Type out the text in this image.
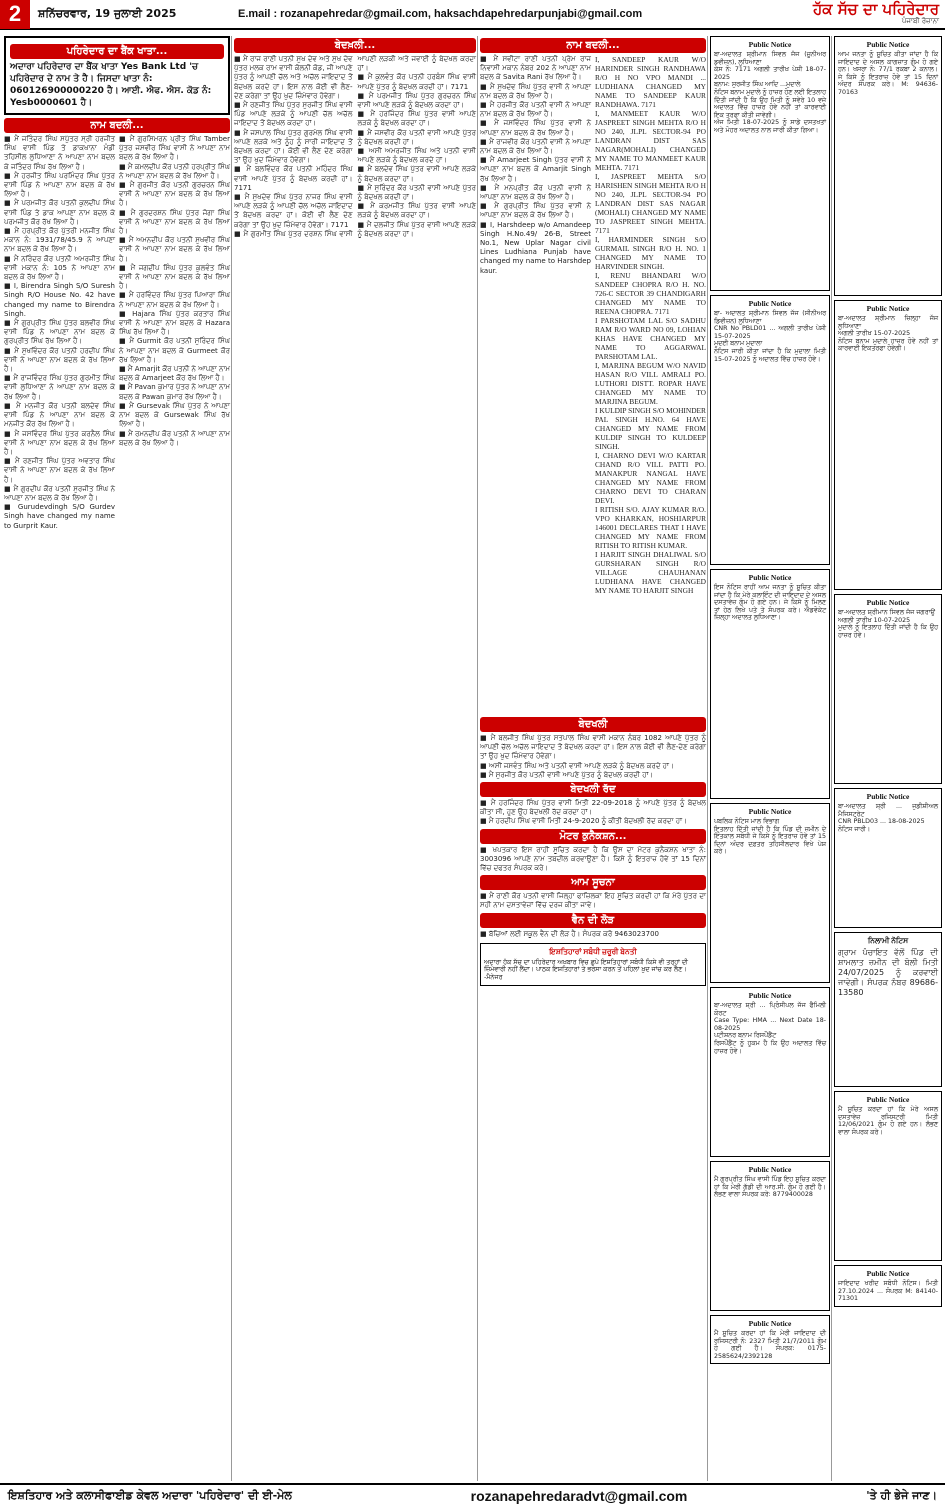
2	ਸ਼ਨਿੱਚਰਵਾਰ, 19 ਜੁਲਾਈ 2025	E.mail : rozanapehredar@gmail.com, haksachdapehredarpunjabi@gmail.com	ਹੱਕ ਸੱਚ ਦਾ ਪਹਿਰੇਦਾਰ
ਪੰਜਾਬੀ ਰੋਜ਼ਾਨਾ
ਪਹਿਰੇਦਾਰ ਦਾ ਬੈਂਕ ਖਾਤਾ...
ਅਦਾਰਾ ਪਹਿਰੇਦਾਰ ਦਾ ਬੈਂਕ ਖਾਤਾ Yes Bank Ltd 'ਚ ਪਹਿਰੇਦਾਰ ਦੇ ਨਾਮ ਤੇ ਹੈ। ਜਿਸਦਾ ਖਾਤਾ ਨੰ: 060126900000220 ਹੈ। ਆਈ. ਐਫ. ਐਸ. ਕੋਡ ਨੰ: Yesb0000601 ਹੈ।
ਨਾਮ ਬਦਲੀ...
■ ਮੈਂ ਜਤਿੰਦਰ ਸਿੰਘ ਸਪੁੱਤਰ ਸ੍ਰੀ ਹਰਜੀਤ ਸਿੰਘ ਵਾਸੀ ਪਿੰਡ ਤੇ ਡਾਕਖਾਨਾ ਮੰਡੀ ਤਹਿਸੀਲ ਲੁਧਿਆਣਾ ਨੇ ਆਪਣਾ ਨਾਮ ਬਦਲ ਕੇ ਜਤਿੰਦਰ ਸਿੰਘ ਰੱਖ ਲਿਆ ਹੈ।
■ ਮੈਂ ਹਰਜੀਤ ਸਿੰਘ ਪਰਮਿੰਦਰ ਸਿੰਘ ਪੁੱਤਰ ਵਾਸੀ ਪਿੰਡ ਨੇ ਆਪਣਾ ਨਾਮ ਬਦਲ ਕੇ ਰੱਖ ਲਿਆ ਹੈ।
■ ਮੈਂ ਪਰਮਜੀਤ ਕੌਰ ਪਤਨੀ ਕੁਲਦੀਪ ਸਿੰਘ ਵਾਸੀ ਪਿੰਡ ਤੇ ਡਾਕ ਆਪਣਾ ਨਾਮ ਬਦਲ ਕੇ ਪਰਮਜੀਤ ਕੌਰ ਰੱਖ ਲਿਆ ਹੈ।
■ ਮੈਂ ਹਰਪ੍ਰੀਤ ਕੌਰ ਪੁੱਤਰੀ ਮਨਜੀਤ ਸਿੰਘ ਮਕਾਨ ਨੰ: 1931/78/45.9 ਨੇ ਆਪਣਾ ਨਾਮ ਬਦਲ ਕੇ ਰੱਖ ਲਿਆ ਹੈ।
■ ਮੈਂ ਨਰਿੰਦਰ ਕੌਰ ਪਤਨੀ ਅਮਰਜੀਤ ਸਿੰਘ ਵਾਸੀ ਮਕਾਨ ਨੰ: 105 ਨੇ ਆਪਣਾ ਨਾਮ ਬਦਲ ਕੇ ਰੱਖ ਲਿਆ ਹੈ।
■ I, Birendra Singh S/O Suresh Singh R/O House No. 42 have changed my name to Birendra Singh.
■ ਮੈਂ ਗੁਰਪ੍ਰੀਤ ਸਿੰਘ ਪੁੱਤਰ ਬਲਵੀਰ ਸਿੰਘ ਵਾਸੀ ਪਿੰਡ ਨੇ ਆਪਣਾ ਨਾਮ ਬਦਲ ਕੇ ਗੁਰਪ੍ਰੀਤ ਸਿੰਘ ਰੱਖ ਲਿਆ ਹੈ।
■ ਮੈਂ ਸੁਖਵਿੰਦਰ ਕੌਰ ਪਤਨੀ ਹਰਦੀਪ ਸਿੰਘ ਵਾਸੀ ਨੇ ਆਪਣਾ ਨਾਮ ਬਦਲ ਕੇ ਰੱਖ ਲਿਆ ਹੈ।
■ ਮੈਂ ਰਾਜਵਿੰਦਰ ਸਿੰਘ ਪੁੱਤਰ ਗੁਰਮੀਤ ਸਿੰਘ ਵਾਸੀ ਲੁਧਿਆਣਾ ਨੇ ਆਪਣਾ ਨਾਮ ਬਦਲ ਕੇ ਰੱਖ ਲਿਆ ਹੈ।
■ ਮੈਂ ਮਨਜੀਤ ਕੌਰ ਪਤਨੀ ਬਲਦੇਵ ਸਿੰਘ ਵਾਸੀ ਪਿੰਡ ਨੇ ਆਪਣਾ ਨਾਮ ਬਦਲ ਕੇ ਮਨਜੀਤ ਕੌਰ ਰੱਖ ਲਿਆ ਹੈ।
■ ਮੈਂ ਜਸਵਿੰਦਰ ਸਿੰਘ ਪੁੱਤਰ ਕਰਨੈਲ ਸਿੰਘ ਵਾਸੀ ਨੇ ਆਪਣਾ ਨਾਮ ਬਦਲ ਕੇ ਰੱਖ ਲਿਆ ਹੈ।
■ ਮੈਂ ਰਣਜੀਤ ਸਿੰਘ ਪੁੱਤਰ ਅਵਤਾਰ ਸਿੰਘ ਵਾਸੀ ਨੇ ਆਪਣਾ ਨਾਮ ਬਦਲ ਕੇ ਰੱਖ ਲਿਆ ਹੈ।
■ ਮੈਂ ਗੁਰਦੀਪ ਕੌਰ ਪਤਨੀ ਸੁਰਜੀਤ ਸਿੰਘ ਨੇ ਆਪਣਾ ਨਾਮ ਬਦਲ ਕੇ ਰੱਖ ਲਿਆ ਹੈ।
■ Gurudevdingh S/O Gurdev Singh have changed my name to Gurprit Kaur.
■ ਮੈਂ ਗੁਰਸਿਮਰਨ ਪ੍ਰੀਤ ਸਿੰਘ Tamber ਪੁੱਤਰ ਜਸਵੀਰ ਸਿੰਘ ਵਾਸੀ ਨੇ ਆਪਣਾ ਨਾਮ ਬਦਲ ਕੇ ਰੱਖ ਲਿਆ ਹੈ।
■ ਮੈਂ ਕਮਲਦੀਪ ਕੌਰ ਪਤਨੀ ਹਰਪ੍ਰੀਤ ਸਿੰਘ ਨੇ ਆਪਣਾ ਨਾਮ ਬਦਲ ਕੇ ਰੱਖ ਲਿਆ ਹੈ।
■ ਮੈਂ ਗੁਰਜੀਤ ਕੌਰ ਪਤਨੀ ਗੁਰਚਰਨ ਸਿੰਘ ਵਾਸੀ ਨੇ ਆਪਣਾ ਨਾਮ ਬਦਲ ਕੇ ਰੱਖ ਲਿਆ ਹੈ।
■ ਮੈਂ ਗੁਰਦਰਸ਼ਨ ਸਿੰਘ ਪੁੱਤਰ ਜੋਗਾ ਸਿੰਘ ਵਾਸੀ ਨੇ ਆਪਣਾ ਨਾਮ ਬਦਲ ਕੇ ਰੱਖ ਲਿਆ ਹੈ।
■ ਮੈਂ ਅਮਨਦੀਪ ਕੌਰ ਪਤਨੀ ਸੁਖਵੀਰ ਸਿੰਘ ਵਾਸੀ ਨੇ ਆਪਣਾ ਨਾਮ ਬਦਲ ਕੇ ਰੱਖ ਲਿਆ ਹੈ।
■ ਮੈਂ ਜਗਦੀਪ ਸਿੰਘ ਪੁੱਤਰ ਕੁਲਵੰਤ ਸਿੰਘ ਵਾਸੀ ਨੇ ਆਪਣਾ ਨਾਮ ਬਦਲ ਕੇ ਰੱਖ ਲਿਆ ਹੈ।
■ ਮੈਂ ਹਰਵਿੰਦਰ ਸਿੰਘ ਪੁੱਤਰ ਪਿਆਰਾ ਸਿੰਘ ਨੇ ਆਪਣਾ ਨਾਮ ਬਦਲ ਕੇ ਰੱਖ ਲਿਆ ਹੈ।
■ Hajara ਸਿੰਘ ਪੁੱਤਰ ਕਰਤਾਰ ਸਿੰਘ ਵਾਸੀ ਨੇ ਆਪਣਾ ਨਾਮ ਬਦਲ ਕੇ Hazara ਸਿੰਘ ਰੱਖ ਲਿਆ ਹੈ।
■ ਮੈਂ Gurmit ਕੌਰ ਪਤਨੀ ਸੁਰਿੰਦਰ ਸਿੰਘ ਨੇ ਆਪਣਾ ਨਾਮ ਬਦਲ ਕੇ Gurmeet ਕੌਰ ਰੱਖ ਲਿਆ ਹੈ।
■ ਮੈਂ Amarjit ਕੌਰ ਪਤਨੀ ਨੇ ਆਪਣਾ ਨਾਮ ਬਦਲ ਕੇ Amarjeet ਕੌਰ ਰੱਖ ਲਿਆ ਹੈ।
■ ਮੈਂ Pavan ਕੁਮਾਰ ਪੁੱਤਰ ਨੇ ਆਪਣਾ ਨਾਮ ਬਦਲ ਕੇ Pawan ਕੁਮਾਰ ਰੱਖ ਲਿਆ ਹੈ।
■ ਮੈਂ Gursevak ਸਿੰਘ ਪੁੱਤਰ ਨੇ ਆਪਣਾ ਨਾਮ ਬਦਲ ਕੇ Gursewak ਸਿੰਘ ਰੱਖ ਲਿਆ ਹੈ।
■ ਮੈਂ ਰਮਨਦੀਪ ਕੌਰ ਪਤਨੀ ਨੇ ਆਪਣਾ ਨਾਮ ਬਦਲ ਕੇ ਰੱਖ ਲਿਆ ਹੈ।
ਬੇਦਖ਼ਲੀ...
■ ਮੈਂ ਰਾਜ ਰਾਣੀ ਪਤਨੀ ਸੁਖ ਦੇਵ ਅਤੇ ਸੁਖ ਦੇਵ ਪੁੱਤਰ ਮਲਕ ਰਾਮ ਵਾਸੀ ਕੋਲਨੀ ਕੋਡ, ਜੀ ਆਪਣੇ ਪੁੱਤਰ ਨੂੰ ਆਪਣੀ ਚੱਲ ਅਤੇ ਅਚੱਲ ਜਾਇਦਾਦ ਤੋਂ ਬੇਦਖਲ ਕਰਦੇ ਹਾਂ। ਇਸ ਨਾਲ ਕੋਈ ਵੀ ਲੈਣ-ਦੇਣ ਕਰੇਗਾ ਤਾਂ ਉਹ ਖੁਦ ਜ਼ਿੰਮੇਵਾਰ ਹੋਵੇਗਾ।
■ ਮੈਂ ਰਣਜੀਤ ਸਿੰਘ ਪੁੱਤਰ ਸੁਰਜੀਤ ਸਿੰਘ ਵਾਸੀ ਪਿੰਡ ਆਪਣੇ ਲੜਕੇ ਨੂੰ ਆਪਣੀ ਚੱਲ ਅਚੱਲ ਜਾਇਦਾਦ ਤੋਂ ਬੇਦਖਲ ਕਰਦਾ ਹਾਂ।
■ ਮੈਂ ਜਸਪਾਲ ਸਿੰਘ ਪੁੱਤਰ ਗੁਰਮੇਲ ਸਿੰਘ ਵਾਸੀ ਆਪਣੇ ਲੜਕੇ ਅਤੇ ਨੂੰਹ ਨੂੰ ਸਾਰੀ ਜਾਇਦਾਦ ਤੋਂ ਬੇਦਖਲ ਕਰਦਾ ਹਾਂ। ਕੋਈ ਵੀ ਲੈਣ ਦੇਣ ਕਰੇਗਾ ਤਾਂ ਉਹ ਖੁਦ ਜ਼ਿੰਮੇਵਾਰ ਹੋਵੇਗਾ।
■ ਮੈਂ ਬਲਵਿੰਦਰ ਕੌਰ ਪਤਨੀ ਮਹਿੰਦਰ ਸਿੰਘ ਵਾਸੀ ਆਪਣੇ ਪੁੱਤਰ ਨੂੰ ਬੇਦਖਲ ਕਰਦੀ ਹਾਂ। 7171
■ ਮੈਂ ਸੁਖਦੇਵ ਸਿੰਘ ਪੁੱਤਰ ਨਾਜਰ ਸਿੰਘ ਵਾਸੀ ਆਪਣੇ ਲੜਕੇ ਨੂੰ ਆਪਣੀ ਚੱਲ ਅਚੱਲ ਜਾਇਦਾਦ ਤੋਂ ਬੇਦਖਲ ਕਰਦਾ ਹਾਂ। ਕੋਈ ਵੀ ਲੈਣ ਦੇਣ ਕਰੇਗਾ ਤਾਂ ਉਹ ਖੁਦ ਜ਼ਿੰਮੇਵਾਰ ਹੋਵੇਗਾ। 7171
■ ਮੈਂ ਗੁਰਮੀਤ ਸਿੰਘ ਪੁੱਤਰ ਦਰਸ਼ਨ ਸਿੰਘ ਵਾਸੀ ਆਪਣੀ ਲੜਕੀ ਅਤੇ ਜਵਾਈ ਨੂੰ ਬੇਦਖਲ ਕਰਦਾ ਹਾਂ।
■ ਮੈਂ ਕੁਲਵੰਤ ਕੌਰ ਪਤਨੀ ਹਰਬੰਸ ਸਿੰਘ ਵਾਸੀ ਆਪਣੇ ਪੁੱਤਰ ਨੂੰ ਬੇਦਖਲ ਕਰਦੀ ਹਾਂ। 7171
■ ਮੈਂ ਪਰਮਜੀਤ ਸਿੰਘ ਪੁੱਤਰ ਗੁਰਚਰਨ ਸਿੰਘ ਵਾਸੀ ਆਪਣੇ ਲੜਕੇ ਨੂੰ ਬੇਦਖਲ ਕਰਦਾ ਹਾਂ।
■ ਮੈਂ ਹਰਜਿੰਦਰ ਸਿੰਘ ਪੁੱਤਰ ਵਾਸੀ ਆਪਣੇ ਲੜਕੇ ਨੂੰ ਬੇਦਖਲ ਕਰਦਾ ਹਾਂ।
■ ਮੈਂ ਜਸਵੀਰ ਕੌਰ ਪਤਨੀ ਵਾਸੀ ਆਪਣੇ ਪੁੱਤਰ ਨੂੰ ਬੇਦਖਲ ਕਰਦੀ ਹਾਂ।
■ ਅਸੀਂ ਅਮਰਜੀਤ ਸਿੰਘ ਅਤੇ ਪਤਨੀ ਵਾਸੀ ਆਪਣੇ ਲੜਕੇ ਨੂੰ ਬੇਦਖਲ ਕਰਦੇ ਹਾਂ।
■ ਮੈਂ ਬਲਦੇਵ ਸਿੰਘ ਪੁੱਤਰ ਵਾਸੀ ਆਪਣੇ ਲੜਕੇ ਨੂੰ ਬੇਦਖਲ ਕਰਦਾ ਹਾਂ।
■ ਮੈਂ ਸੁਰਿੰਦਰ ਕੌਰ ਪਤਨੀ ਵਾਸੀ ਆਪਣੇ ਪੁੱਤਰ ਨੂੰ ਬੇਦਖਲ ਕਰਦੀ ਹਾਂ।
■ ਮੈਂ ਕਰਮਜੀਤ ਸਿੰਘ ਪੁੱਤਰ ਵਾਸੀ ਆਪਣੇ ਲੜਕੇ ਨੂੰ ਬੇਦਖਲ ਕਰਦਾ ਹਾਂ।
■ ਮੈਂ ਦਲਜੀਤ ਸਿੰਘ ਪੁੱਤਰ ਵਾਸੀ ਆਪਣੇ ਲੜਕੇ ਨੂੰ ਬੇਦਖਲ ਕਰਦਾ ਹਾਂ।
ਨਾਮ ਬਦਲੀ...
■ ਮੈਂ ਸਵੀਟਾ ਰਾਣੀ ਪਤਨੀ ਪ੍ਰੇਮ ਰਾਜ ਨਿਵਾਸੀ ਮਕਾਨ ਨੰਬਰ 202 ਨੇ ਆਪਣਾ ਨਾਮ ਬਦਲ ਕੇ Savita Rani ਰੱਖ ਲਿਆ ਹੈ।
■ ਮੈਂ ਸੁਖਦੇਵ ਸਿੰਘ ਪੁੱਤਰ ਵਾਸੀ ਨੇ ਆਪਣਾ ਨਾਮ ਬਦਲ ਕੇ ਰੱਖ ਲਿਆ ਹੈ।
■ ਮੈਂ ਹਰਜੀਤ ਕੌਰ ਪਤਨੀ ਵਾਸੀ ਨੇ ਆਪਣਾ ਨਾਮ ਬਦਲ ਕੇ ਰੱਖ ਲਿਆ ਹੈ।
■ ਮੈਂ ਜਸਵਿੰਦਰ ਸਿੰਘ ਪੁੱਤਰ ਵਾਸੀ ਨੇ ਆਪਣਾ ਨਾਮ ਬਦਲ ਕੇ ਰੱਖ ਲਿਆ ਹੈ।
■ ਮੈਂ ਰਾਜਵੀਰ ਕੌਰ ਪਤਨੀ ਵਾਸੀ ਨੇ ਆਪਣਾ ਨਾਮ ਬਦਲ ਕੇ ਰੱਖ ਲਿਆ ਹੈ।
■ ਮੈਂ Amarjeet Singh ਪੁੱਤਰ ਵਾਸੀ ਨੇ ਆਪਣਾ ਨਾਮ ਬਦਲ ਕੇ Amarjit Singh ਰੱਖ ਲਿਆ ਹੈ।
■ ਮੈਂ ਮਨਪ੍ਰੀਤ ਕੌਰ ਪਤਨੀ ਵਾਸੀ ਨੇ ਆਪਣਾ ਨਾਮ ਬਦਲ ਕੇ ਰੱਖ ਲਿਆ ਹੈ।
■ ਮੈਂ ਗੁਰਪ੍ਰੀਤ ਸਿੰਘ ਪੁੱਤਰ ਵਾਸੀ ਨੇ ਆਪਣਾ ਨਾਮ ਬਦਲ ਕੇ ਰੱਖ ਲਿਆ ਹੈ।
■ I, Harshdeep w/o Amandeep Singh H.No.49/ 26-B, Street No.1, New Uplar Nagar civil Lines Ludhiana Punjab have changed my name to Harshdep kaur.
I, SANDEEP KAUR W/O HARINDER SINGH RANDHAWA R/O H NO VPO MANDI ... LUDHIANA CHANGED MY NAME TO SANDEEP KAUR RANDHAWA. 7171
I, MANMEET KAUR W/O JASPREET SINGH MEHTA R/O H NO 240, JLPL SECTOR-94 PO LANDRAN DIST SAS NAGAR(MOHALI) CHANGED MY NAME TO MANMEET KAUR MEHTA. 7171
I, JASPREET MEHTA S/O HARISHEN SINGH MEHTA R/O H NO 240, JLPL SECTOR-94 PO LANDRAN DIST SAS NAGAR (MOHALI) CHANGED MY NAME TO JASPREET SINGH MEHTA. 7171
I, HARMINDER SINGH S/O GURMAIL SINGH R/O H. NO. 1 CHANGED MY NAME TO HARVINDER SINGH.
I, RENU BHANDARI W/O SANDEEP CHOPRA R/O H. NO. 726-C SECTOR 39 CHANDIGARH CHANGED MY NAME TO REENA CHOPRA. 7171
I PARSHOTAM LAL S/O SADHU RAM R/O WARD NO 09, LOHIAN KHAS HAVE CHANGED MY NAME TO AGGARWAL PARSHOTAM LAL.
I, MARJINA BEGUM W/O NAVID HASAN R/O VILL AMRALI PO. LUTHORI DISTT. ROPAR HAVE CHANGED MY NAME TO MARJINA BEGUM.
I KULDIP SINGH S/O MOHINDER PAL SINGH H.NO. 64 HAVE CHANGED MY NAME FROM KULDIP SINGH TO KULDEEP SINGH.
I, CHARNO DEVI W/O KARTAR CHAND R/O VILL PATTI PO. MANAKPUR NANGAL HAVE CHANGED MY NAME FROM CHARNO DEVI TO CHARAN DEVI.
I RITISH S/O. AJAY KUMAR R/O. VPO KHARKAN, HOSHIARPUR 146001 DECLARES THAT I HAVE CHANGED MY NAME FROM RITISH TO RITISH KUMAR.
I HARJIT SINGH DHALIWAL S/O GURSHARAN SINGH R/O VILLAGE CHAUHANAN LUDHIANA HAVE CHANGED MY NAME TO HARJIT SINGH
ਬੇਦਖਲੀ
■ ਮੈਂ ਬਲਜੀਤ ਸਿੰਘ ਪੁੱਤਰ ਸਤਪਾਲ ਸਿੰਘ ਵਾਸੀ ਮਕਾਨ ਨੰਬਰ 1082 ਆਪਣੇ ਪੁੱਤਰ ਨੂੰ ਆਪਣੀ ਚੱਲ ਅਚੱਲ ਜਾਇਦਾਦ ਤੋਂ ਬੇਦਖਲ ਕਰਦਾ ਹਾਂ। ਇਸ ਨਾਲ ਕੋਈ ਵੀ ਲੈਣ-ਦੇਣ ਕਰੇਗਾ ਤਾਂ ਉਹ ਖੁਦ ਜ਼ਿੰਮੇਵਾਰ ਹੋਵੇਗਾ।
■ ਅਸੀਂ ਜਸਵੰਤ ਸਿੰਘ ਅਤੇ ਪਤਨੀ ਵਾਸੀ ਆਪਣੇ ਲੜਕੇ ਨੂੰ ਬੇਦਖਲ ਕਰਦੇ ਹਾਂ।
■ ਮੈਂ ਸੁਰਜੀਤ ਕੌਰ ਪਤਨੀ ਵਾਸੀ ਆਪਣੇ ਪੁੱਤਰ ਨੂੰ ਬੇਦਖਲ ਕਰਦੀ ਹਾਂ।
ਬੇਦਖਲੀ ਰੱਦ
■ ਮੈਂ ਹਰਜਿੰਦਰ ਸਿੰਘ ਪੁੱਤਰ ਵਾਸੀ ਮਿਤੀ 22-09-2018 ਨੂੰ ਆਪਣੇ ਪੁੱਤਰ ਨੂੰ ਬੇਦਖਲ ਕੀਤਾ ਸੀ, ਹੁਣ ਉਹ ਬੇਦਖਲੀ ਰੱਦ ਕਰਦਾ ਹਾਂ।
■ ਮੈਂ ਹਰਦੀਪ ਸਿੰਘ ਵਾਸੀ ਮਿਤੀ 24-9-2020 ਨੂੰ ਕੀਤੀ ਬੇਦਖਲੀ ਰੱਦ ਕਰਦਾ ਹਾਂ।
ਮੋਟਰ ਕੁਨੈਕਸ਼ਨ...
■ ਖਪਤਕਾਰ ਇਸ ਰਾਹੀਂ ਸੂਚਿਤ ਕਰਦਾ ਹੈ ਕਿ ਉਸ ਦਾ ਮੋਟਰ ਕੁਨੈਕਸ਼ਨ ਖਾਤਾ ਨੰ: 3003096 ਆਪਣੇ ਨਾਮ ਤਬਦੀਲ ਕਰਵਾਉਣਾ ਹੈ। ਕਿਸੇ ਨੂੰ ਇਤਰਾਜ਼ ਹੋਵੇ ਤਾਂ 15 ਦਿਨਾਂ ਵਿੱਚ ਦਫਤਰ ਸੰਪਰਕ ਕਰੇ।
ਆਮ ਸੂਚਨਾ
■ ਮੈਂ ਰਾਣੀ ਕੌਰ ਪਤਨੀ ਵਾਸੀ ਜਿਲ੍ਹਾ ਫਾਜ਼ਿਲਕਾ ਇਹ ਸੂਚਿਤ ਕਰਦੀ ਹਾਂ ਕਿ ਮੇਰੇ ਪੁੱਤਰ ਦਾ ਸਹੀ ਨਾਮ ਦਸਤਾਵੇਜ਼ਾਂ ਵਿੱਚ ਦਰਜ ਕੀਤਾ ਜਾਵੇ।
ਵੈਨ ਦੀ ਲੋੜ
■ ਬੱਚਿਆਂ ਲਈ ਸਕੂਲ ਵੈਨ ਦੀ ਲੋੜ ਹੈ। ਸੰਪਰਕ ਕਰੋ 9463023700
ਇਸ਼ਤਿਹਾਰਾਂ ਸਬੰਧੀ ਜ਼ਰੂਰੀ ਬੇਨਤੀ
ਅਦਾਰਾ ਹੱਕ ਸੱਚ ਦਾ ਪਹਿਰੇਦਾਰ ਅਖ਼ਬਾਰ ਵਿਚ ਛਪੇ ਇਸ਼ਤਿਹਾਰਾਂ ਸਬੰਧੀ ਕਿਸੇ ਵੀ ਤਰ੍ਹਾਂ ਦੀ ਜ਼ਿੰਮੇਵਾਰੀ ਨਹੀਂ ਲੈਂਦਾ। ਪਾਠਕ ਇਸ਼ਤਿਹਾਰਾਂ ਤੇ ਭਰੋਸਾ ਕਰਨ ਤੋਂ ਪਹਿਲਾਂ ਖ਼ੁਦ ਜਾਂਚ ਕਰ ਲੈਣ। -ਮੈਨੇਜਰ
Public Notice
ਬਾ-ਅਦਾਲਤ ਸ਼੍ਰੀਮਾਨ ਸਿਵਲ ਜੱਜ (ਜੂਨੀਅਰ ਡਵੀਜ਼ਨ), ਲੁਧਿਆਣਾ
ਕੇਸ ਨੰ: 7171 ਅਗਲੀ ਤਾਰੀਖ਼ ਪੇਸ਼ੀ 18-07-2025
ਬਨਾਮ: ਸੁਰਜੀਤ ਸਿੰਘ ਆਦਿ ...ਮੁਦਾਲੇ
ਨੋਟਿਸ ਬਨਾਮ ਮੁਦਾਲੇ ਨੂੰ ਹਾਜ਼ਰ ਹੋਣ ਲਈ ਇਤਲਾਹ ਦਿੱਤੀ ਜਾਂਦੀ ਹੈ ਕਿ ਉਹ ਮਿਤੀ ਨੂੰ ਸਵੇਰੇ 10 ਵਜੇ ਅਦਾਲਤ ਵਿੱਚ ਹਾਜ਼ਰ ਹੋਵੇ ਨਹੀਂ ਤਾਂ ਕਾਰਵਾਈ ਇਕ ਤਰਫਾ ਕੀਤੀ ਜਾਵੇਗੀ।
ਅੱਜ ਮਿਤੀ 18-07-2025 ਨੂੰ ਸਾਡੇ ਦਸਤਖਤਾਂ ਅਤੇ ਮੋਹਰ ਅਦਾਲਤ ਨਾਲ ਜਾਰੀ ਕੀਤਾ ਗਿਆ।
Public Notice
ਬਾ- ਅਦਾਲਤ ਸ਼੍ਰੀਮਾਨ ਸਿਵਲ ਜੱਜ (ਸੀਨੀਅਰ ਡਿਵੀਜ਼ਨ) ਲੁਧਿਆਣਾ
CNR No PBLD01 ... ਅਗਲੀ ਤਾਰੀਖ਼ ਪੇਸ਼ੀ 15-07-2025
ਮੁਦਈ ਬਨਾਮ ਮੁਦਾਲਾ
ਨੋਟਿਸ ਜਾਰੀ ਕੀਤਾ ਜਾਂਦਾ ਹੈ ਕਿ ਮੁਦਾਲਾ ਮਿਤੀ 15-07-2025 ਨੂੰ ਅਦਾਲਤ ਵਿੱਚ ਹਾਜ਼ਰ ਹੋਵੇ।
Public Notice
ਇਸ ਨੋਟਿਸ ਰਾਹੀਂ ਆਮ ਜਨਤਾ ਨੂੰ ਸੂਚਿਤ ਕੀਤਾ ਜਾਂਦਾ ਹੈ ਕਿ ਮੇਰੇ ਕਲਾਇੰਟ ਦੀ ਜਾਇਦਾਦ ਦੇ ਅਸਲ ਦਸਤਾਵੇਜ਼ ਗੁੰਮ ਹੋ ਗਏ ਹਨ। ਜੇ ਕਿਸੇ ਨੂੰ ਮਿਲਣ ਤਾਂ ਹੇਠ ਲਿਖੇ ਪਤੇ ਤੇ ਸੰਪਰਕ ਕਰੇ। ਐਡਵੋਕੇਟ ਜ਼ਿਲ੍ਹਾ ਅਦਾਲਤ ਲੁਧਿਆਣਾ।
Public Notice
ਪਬਲਿਕ ਨੋਟਿਸ ਮਾਲ ਵਿਭਾਗ
ਇਤਲਾਹ ਦਿੱਤੀ ਜਾਂਦੀ ਹੈ ਕਿ ਪਿੰਡ ਦੀ ਜ਼ਮੀਨ ਦੇ ਇੰਤਕਾਲ ਸਬੰਧੀ ਜੇ ਕਿਸੇ ਨੂੰ ਇਤਰਾਜ਼ ਹੋਵੇ ਤਾਂ 15 ਦਿਨਾਂ ਅੰਦਰ ਦਫ਼ਤਰ ਤਹਿਸੀਲਦਾਰ ਵਿਖੇ ਪੇਸ਼ ਕਰੇ।
Public Notice
ਬਾ-ਅਦਾਲਤ ਸ਼੍ਰੀ ... ਪ੍ਰਿੰਸੀਪਲ ਜੱਜ ਫੈਮਿਲੀ ਕੋਰਟ
Case Type: HMA ... Next Date 18-08-2025
ਪਟੀਸ਼ਨਰ ਬਨਾਮ ਰਿਸਪੌਂਡੈਂਟ
ਰਿਸਪੌਂਡੈਂਟ ਨੂੰ ਹੁਕਮ ਹੈ ਕਿ ਉਹ ਅਦਾਲਤ ਵਿੱਚ ਹਾਜ਼ਰ ਹੋਵੇ।
Public Notice
ਮੈਂ ਗੁਰਪ੍ਰੀਤ ਸਿੰਘ ਵਾਸੀ ਪਿੰਡ ਇਹ ਸੂਚਿਤ ਕਰਦਾ ਹਾਂ ਕਿ ਮੇਰੀ ਗੱਡੀ ਦੀ ਆਰ.ਸੀ. ਗੁੰਮ ਹੋ ਗਈ ਹੈ। ਲੱਭਣ ਵਾਲਾ ਸੰਪਰਕ ਕਰੇ: 8779400028
Public Notice
ਮੈਂ ਸੂਚਿਤ ਕਰਦਾ ਹਾਂ ਕਿ ਮੇਰੀ ਜਾਇਦਾਦ ਦੀ ਰਜਿਸਟਰੀ ਨੰ: 2327 ਮਿਤੀ 21/7/2011 ਗੁੰਮ ਹੋ ਗਈ ਹੈ। ਸੰਪਰਕ: 0175-2585624/2392128
Public Notice
ਆਮ ਜਨਤਾ ਨੂੰ ਸੂਚਿਤ ਕੀਤਾ ਜਾਂਦਾ ਹੈ ਕਿ ਜਾਇਦਾਦ ਦੇ ਅਸਲ ਕਾਗਜ਼ਾਤ ਗੁੰਮ ਹੋ ਗਏ ਹਨ। ਖਸਰਾ ਨੰ: 77/1 ਰਕਬਾ 2 ਕਨਾਲ। ਜੇ ਕਿਸੇ ਨੂੰ ਇਤਰਾਜ਼ ਹੋਵੇ ਤਾਂ 15 ਦਿਨਾਂ ਅੰਦਰ ਸੰਪਰਕ ਕਰੇ। M: 94636-70163
Public Notice
ਬਾ-ਅਦਾਲਤ ਸ਼੍ਰੀਮਾਨ ਜ਼ਿਲ੍ਹਾ ਜੱਜ ਲੁਧਿਆਣਾ
ਅਗਲੀ ਤਾਰੀਖ਼ 15-07-2025
ਨੋਟਿਸ ਬਨਾਮ ਮੁਦਾਲੇ ਹਾਜ਼ਰ ਹੋਵੇ ਨਹੀਂ ਤਾਂ ਕਾਰਵਾਈ ਇਕਤਰਫਾ ਹੋਵੇਗੀ।
Public Notice
ਬਾ-ਅਦਾਲਤ ਸ਼੍ਰੀਮਾਨ ਸਿਵਲ ਜੱਜ ਜਗਰਾਉਂ
ਅਗਲੀ ਤਾਰੀਖ਼ 10-07-2025
ਮੁਦਾਲੇ ਨੂੰ ਇਤਲਾਹ ਦਿੱਤੀ ਜਾਂਦੀ ਹੈ ਕਿ ਉਹ ਹਾਜ਼ਰ ਹੋਵੇ।
Public Notice
ਬਾ-ਅਦਾਲਤ ਸ਼੍ਰੀ ... ਜੁਡੀਸ਼ੀਅਲ ਮੈਜਿਸਟ੍ਰੇਟ
CNR PBLD03 ... 18-08-2025
ਨੋਟਿਸ ਜਾਰੀ।
ਨਿਲਾਮੀ ਨੋਟਿਸ
ਗ੍ਰਾਮ ਪੰਚਾਇਤ ਵੱਲੋਂ ਪਿੰਡ ਦੀ ਸ਼ਾਮਲਾਤ ਜ਼ਮੀਨ ਦੀ ਬੋਲੀ ਮਿਤੀ 24/07/2025 ਨੂੰ ਕਰਵਾਈ ਜਾਵੇਗੀ। ਸੰਪਰਕ ਨੰਬਰ 89686-13580
Public Notice
ਮੈਂ ਸੂਚਿਤ ਕਰਦਾ ਹਾਂ ਕਿ ਮੇਰੇ ਅਸਲ ਦਸਤਾਵੇਜ਼ ਰਜਿਸਟਰੀ ਮਿਤੀ 12/06/2021 ਗੁੰਮ ਹੋ ਗਏ ਹਨ। ਲੱਭਣ ਵਾਲਾ ਸੰਪਰਕ ਕਰੇ।
Public Notice
ਜਾਇਦਾਦ ਖਰੀਦ ਸਬੰਧੀ ਨੋਟਿਸ। ਮਿਤੀ 27.10.2024 ... ਸੰਪਰਕ M: 84140-71301
ਇਸ਼ਤਿਹਾਰ ਅਤੇ ਕਲਾਸੀਫਾਈਡ ਕੇਵਲ ਅਦਾਰਾ 'ਪਹਿਰੇਦਾਰ' ਦੀ ਈ-ਮੇਲ	rozanapehredaradvt@gmail.com	'ਤੇ ਹੀ ਭੇਜੇ ਜਾਣ।
